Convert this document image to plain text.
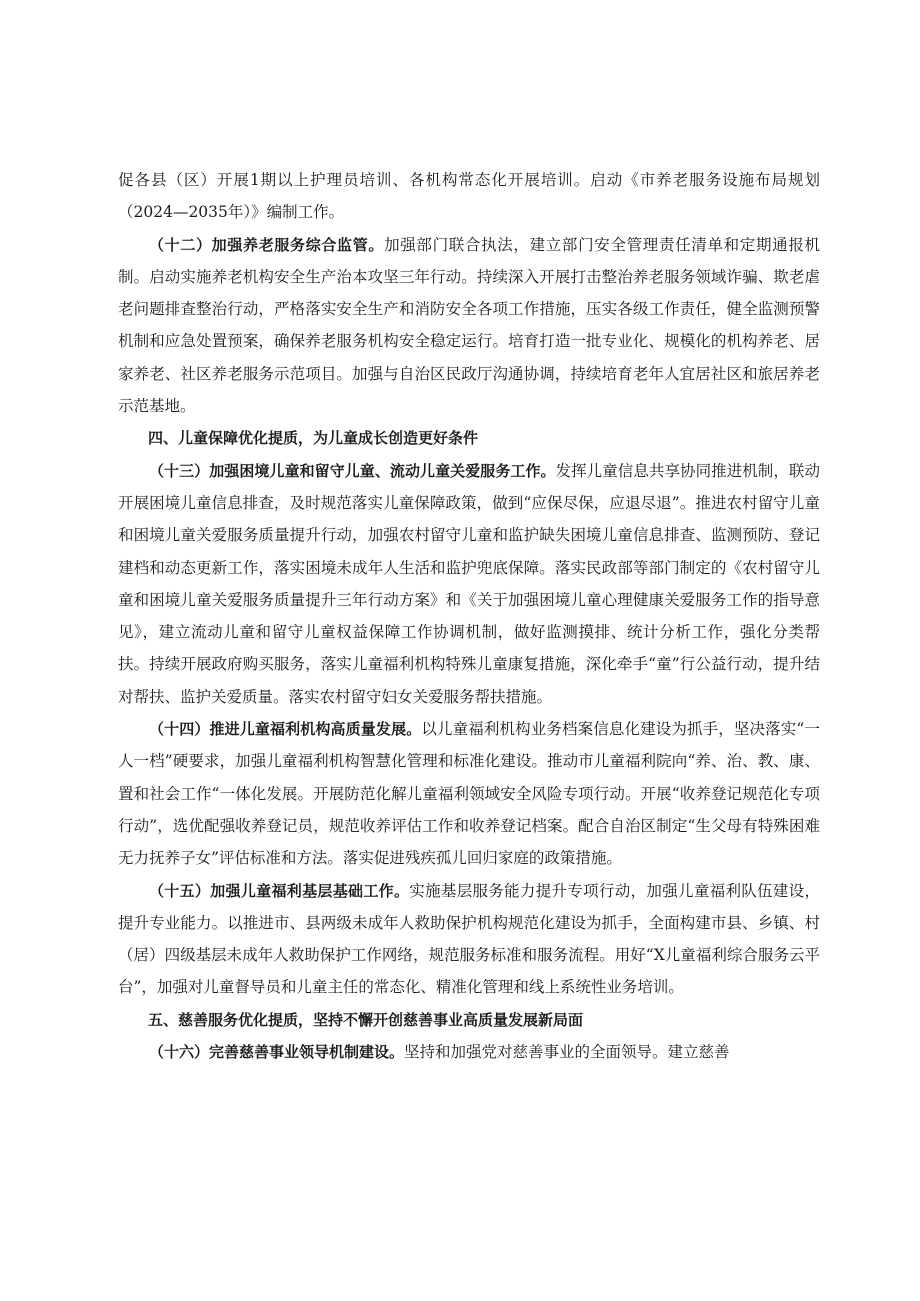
促各县（区）开展1期以上护理员培训、各机构常态化开展培训。启动《市养老服务设施布局规划（2024—2035年）》编制工作。

（十二）加强养老服务综合监管。加强部门联合执法，建立部门安全管理责任清单和定期通报机制。启动实施养老机构安全生产治本攻坚三年行动。持续深入开展打击整治养老服务领域诈骗、欺老虐老问题排查整治行动，严格落实安全生产和消防安全各项工作措施，压实各级工作责任，健全监测预警机制和应急处置预案，确保养老服务机构安全稳定运行。培育打造一批专业化、规模化的机构养老、居家养老、社区养老服务示范项目。加强与自治区民政厅沟通协调，持续培育老年人宜居社区和旅居养老示范基地。

四、儿童保障优化提质，为儿童成长创造更好条件

（十三）加强困境儿童和留守儿童、流动儿童关爱服务工作。发挥儿童信息共享协同推进机制，联动开展困境儿童信息排查，及时规范落实儿童保障政策，做到“应保尽保，应退尽退”。推进农村留守儿童和困境儿童关爱服务质量提升行动，加强农村留守儿童和监护缺失困境儿童信息排查、监测预防、登记建档和动态更新工作，落实困境未成年人生活和监护兜底保障。落实民政部等部门制定的《农村留守儿童和困境儿童关爱服务质量提升三年行动方案》和《关于加强困境儿童心理健康关爱服务工作的指导意见》，建立流动儿童和留守儿童权益保障工作协调机制，做好监测摸排、统计分析工作，强化分类帮扶。持续开展政府购买服务，落实儿童福利机构特殊儿童康复措施，深化牵手“童”行公益行动，提升结对帮扶、监护关爱质量。落实农村留守妇女关爱服务帮扶措施。

（十四）推进儿童福利机构高质量发展。以儿童福利机构业务档案信息化建设为抓手，坚决落实“一人一档”硬要求，加强儿童福利机构智慧化管理和标准化建设。推动市儿童福利院向“养、治、教、康、置和社会工作“一体化发展。开展防范化解儿童福利领域安全风险专项行动。开展“收养登记规范化专项行动”，选优配强收养登记员，规范收养评估工作和收养登记档案。配合自治区制定“生父母有特殊困难无力抚养子女”评估标准和方法。落实促进残疾孤儿回归家庭的政策措施。

（十五）加强儿童福利基层基础工作。实施基层服务能力提升专项行动，加强儿童福利队伍建设，提升专业能力。以推进市、县两级未成年人救助保护机构规范化建设为抓手，全面构建市县、乡镇、村（居）四级基层未成年人救助保护工作网络，规范服务标准和服务流程。用好“X儿童福利综合服务云平台”，加强对儿童督导员和儿童主任的常态化、精准化管理和线上系统性业务培训。

五、慈善服务优化提质，坚持不懈开创慈善事业高质量发展新局面

（十六）完善慈善事业领导机制建设。坚持和加强党对慈善事业的全面领导。建立慈善
